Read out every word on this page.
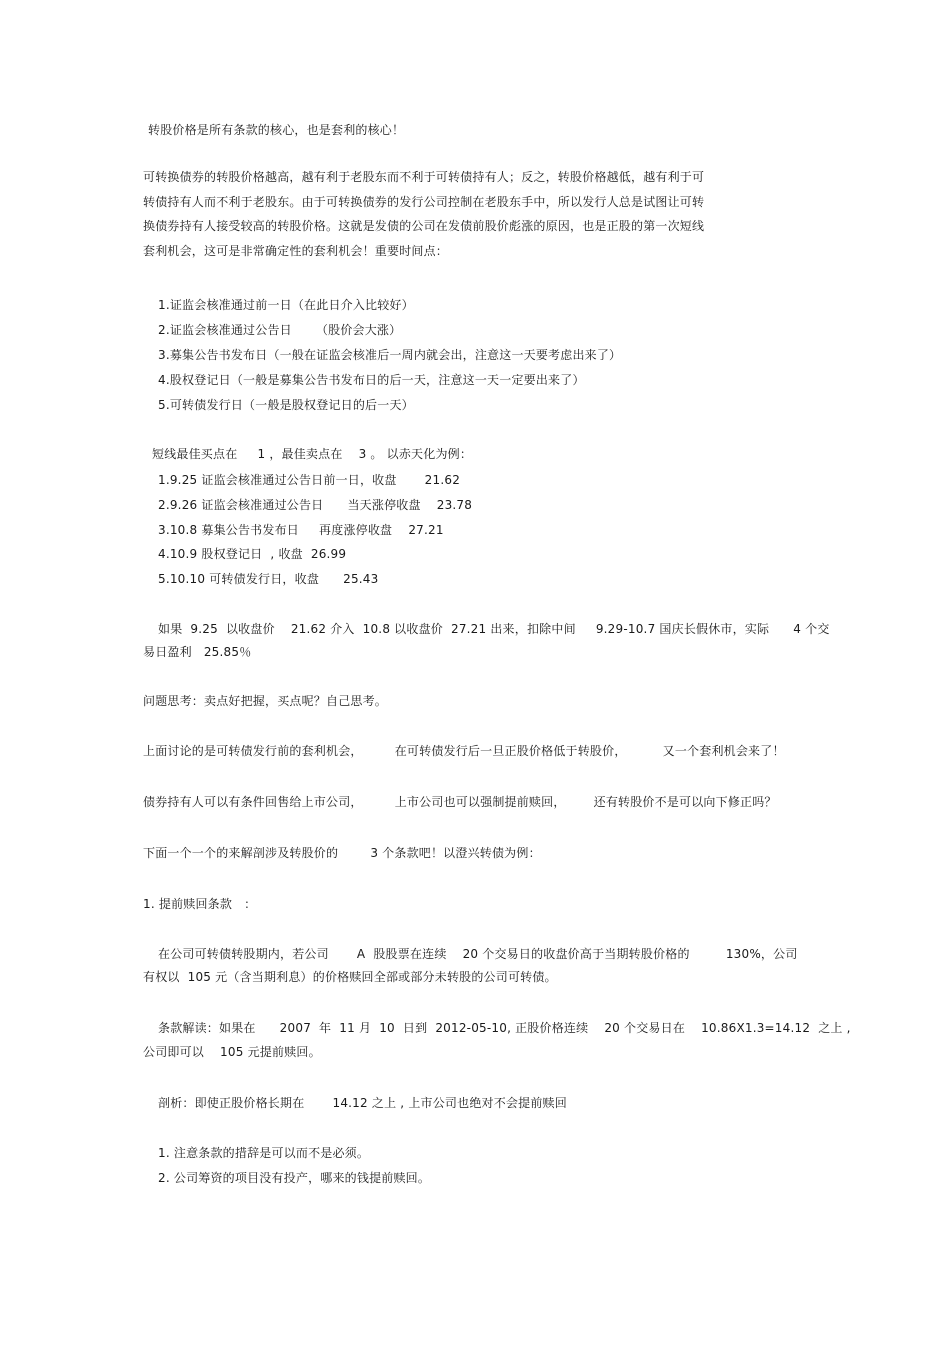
转股价格是所有条款的核心，也是套利的核心！
可转换债券的转股价格越高，越有利于老股东而不利于可转债持有人；反之，转股价格越低，越有利于可
转债持有人而不利于老股东。由于可转换债券的发行公司控制在老股东手中，所以发行人总是试图让可转
换债券持有人接受较高的转股价格。这就是发债的公司在发债前股价彪涨的原因，也是正股的第一次短线
套利机会，这可是非常确定性的套利机会！重要时间点：
1.证监会核准通过前一日（在此日介入比较好）
2.证监会核准通过公告日      （股价会大涨）
3.募集公告书发布日（一般在证监会核准后一周内就会出，注意这一天要考虑出来了）
4.股权登记日（一般是募集公告书发布日的后一天，注意这一天一定要出来了）
5.可转债发行日（一般是股权登记日的后一天）
短线最佳买点在     1 ，最佳卖点在    3 。 以赤天化为例：
1.9.25 证监会核准通过公告日前一日，收盘       21.62
2.9.26 证监会核准通过公告日      当天涨停收盘    23.78
3.10.8 募集公告书发布日     再度涨停收盘    27.21
4.10.9 股权登记日  , 收盘  26.99
5.10.10 可转债发行日，收盘      25.43
如果  9.25  以收盘价    21.62 介入  10.8 以收盘价  27.21 出来，扣除中间     9.29-10.7 国庆长假休市，实际      4 个交
易日盈利   25.85％
问题思考：卖点好把握，买点呢？自己思考。
上面讨论的是可转债发行前的套利机会，        在可转债发行后一旦正股价格低于转股价，         又一个套利机会来了！
债券持有人可以有条件回售给上市公司，        上市公司也可以强制提前赎回，       还有转股价不是可以向下修正吗？
下面一个一个的来解剖涉及转股价的        3 个条款吧！以澄兴转债为例：
1. 提前赎回条款   ：
在公司可转债转股期内，若公司       A  股股票在连续    20 个交易日的收盘价高于当期转股价格的         130%，公司
有权以  105 元（含当期利息）的价格赎回全部或部分未转股的公司可转债。
条款解读：如果在      2007  年  11 月  10  日到  2012-05-10, 正股价格连续    20 个交易日在    10.86X1.3=14.12  之上 ,
公司即可以    105 元提前赎回。
剖析：即使正股价格长期在       14.12 之上 , 上市公司也绝对不会提前赎回
1. 注意条款的措辞是可以而不是必须。
2. 公司筹资的项目没有投产，哪来的钱提前赎回。
